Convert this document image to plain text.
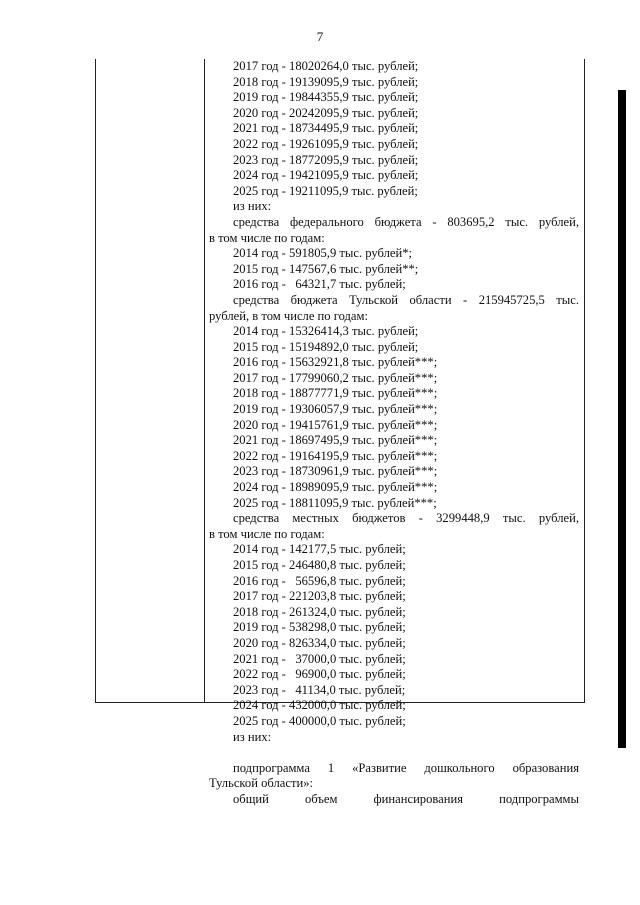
7
2017 год - 18020264,0 тыс. рублей;
2018 год - 19139095,9 тыс. рублей;
2019 год - 19844355,9 тыс. рублей;
2020 год - 20242095,9 тыс. рублей;
2021 год - 18734495,9 тыс. рублей;
2022 год - 19261095,9 тыс. рублей;
2023 год - 18772095,9 тыс. рублей;
2024 год - 19421095,9 тыс. рублей;
2025 год - 19211095,9 тыс. рублей;
из них:
средства федерального бюджета - 803695,2 тыс. рублей,
в том числе по годам:
2014 год - 591805,9 тыс. рублей*;
2015 год - 147567,6 тыс. рублей**;
2016 год -   64321,7 тыс. рублей;
средства бюджета Тульской области - 215945725,5 тыс.
рублей, в том числе по годам:
2014 год - 15326414,3 тыс. рублей;
2015 год - 15194892,0 тыс. рублей;
2016 год - 15632921,8 тыс. рублей***;
2017 год - 17799060,2 тыс. рублей***;
2018 год - 18877771,9 тыс. рублей***;
2019 год - 19306057,9 тыс. рублей***;
2020 год - 19415761,9 тыс. рублей***;
2021 год - 18697495,9 тыс. рублей***;
2022 год - 19164195,9 тыс. рублей***;
2023 год - 18730961,9 тыс. рублей***;
2024 год - 18989095,9 тыс. рублей***;
2025 год - 18811095,9 тыс. рублей***;
средства местных бюджетов - 3299448,9 тыс. рублей,
в том числе по годам:
2014 год - 142177,5 тыс. рублей;
2015 год - 246480,8 тыс. рублей;
2016 год -   56596,8 тыс. рублей;
2017 год - 221203,8 тыс. рублей;
2018 год - 261324,0 тыс. рублей;
2019 год - 538298,0 тыс. рублей;
2020 год - 826334,0 тыс. рублей;
2021 год -   37000,0 тыс. рублей;
2022 год -   96900,0 тыс. рублей;
2023 год -   41134,0 тыс. рублей;
2024 год - 432000,0 тыс. рублей;
2025 год - 400000,0 тыс. рублей;
из них:
подпрограмма 1 «Развитие дошкольного образования
Тульской области»:
общий объем финансирования подпрограммы
